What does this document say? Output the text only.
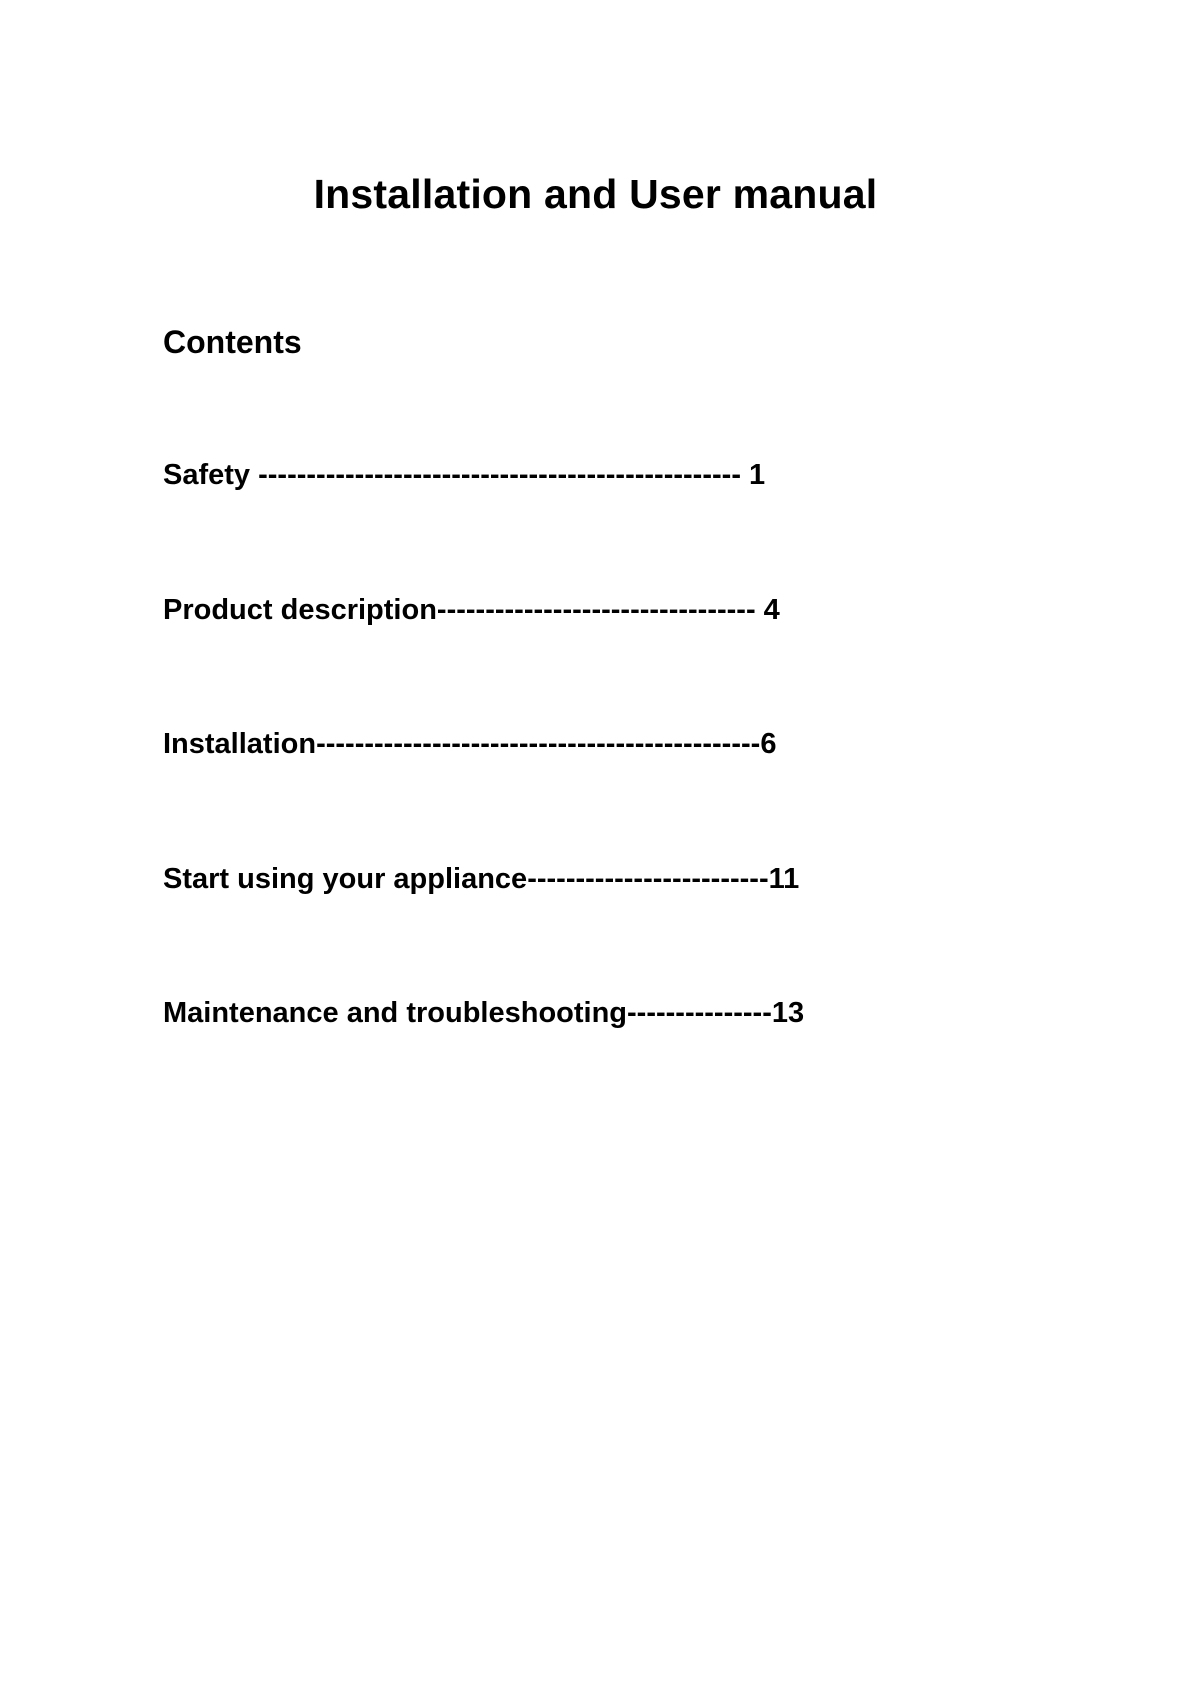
Installation and User manual
Contents
Safety -------------------------------------------------- 1
Product description--------------------------------- 4
Installation----------------------------------------------6
Start using your appliance-------------------------11
Maintenance and troubleshooting---------------13
